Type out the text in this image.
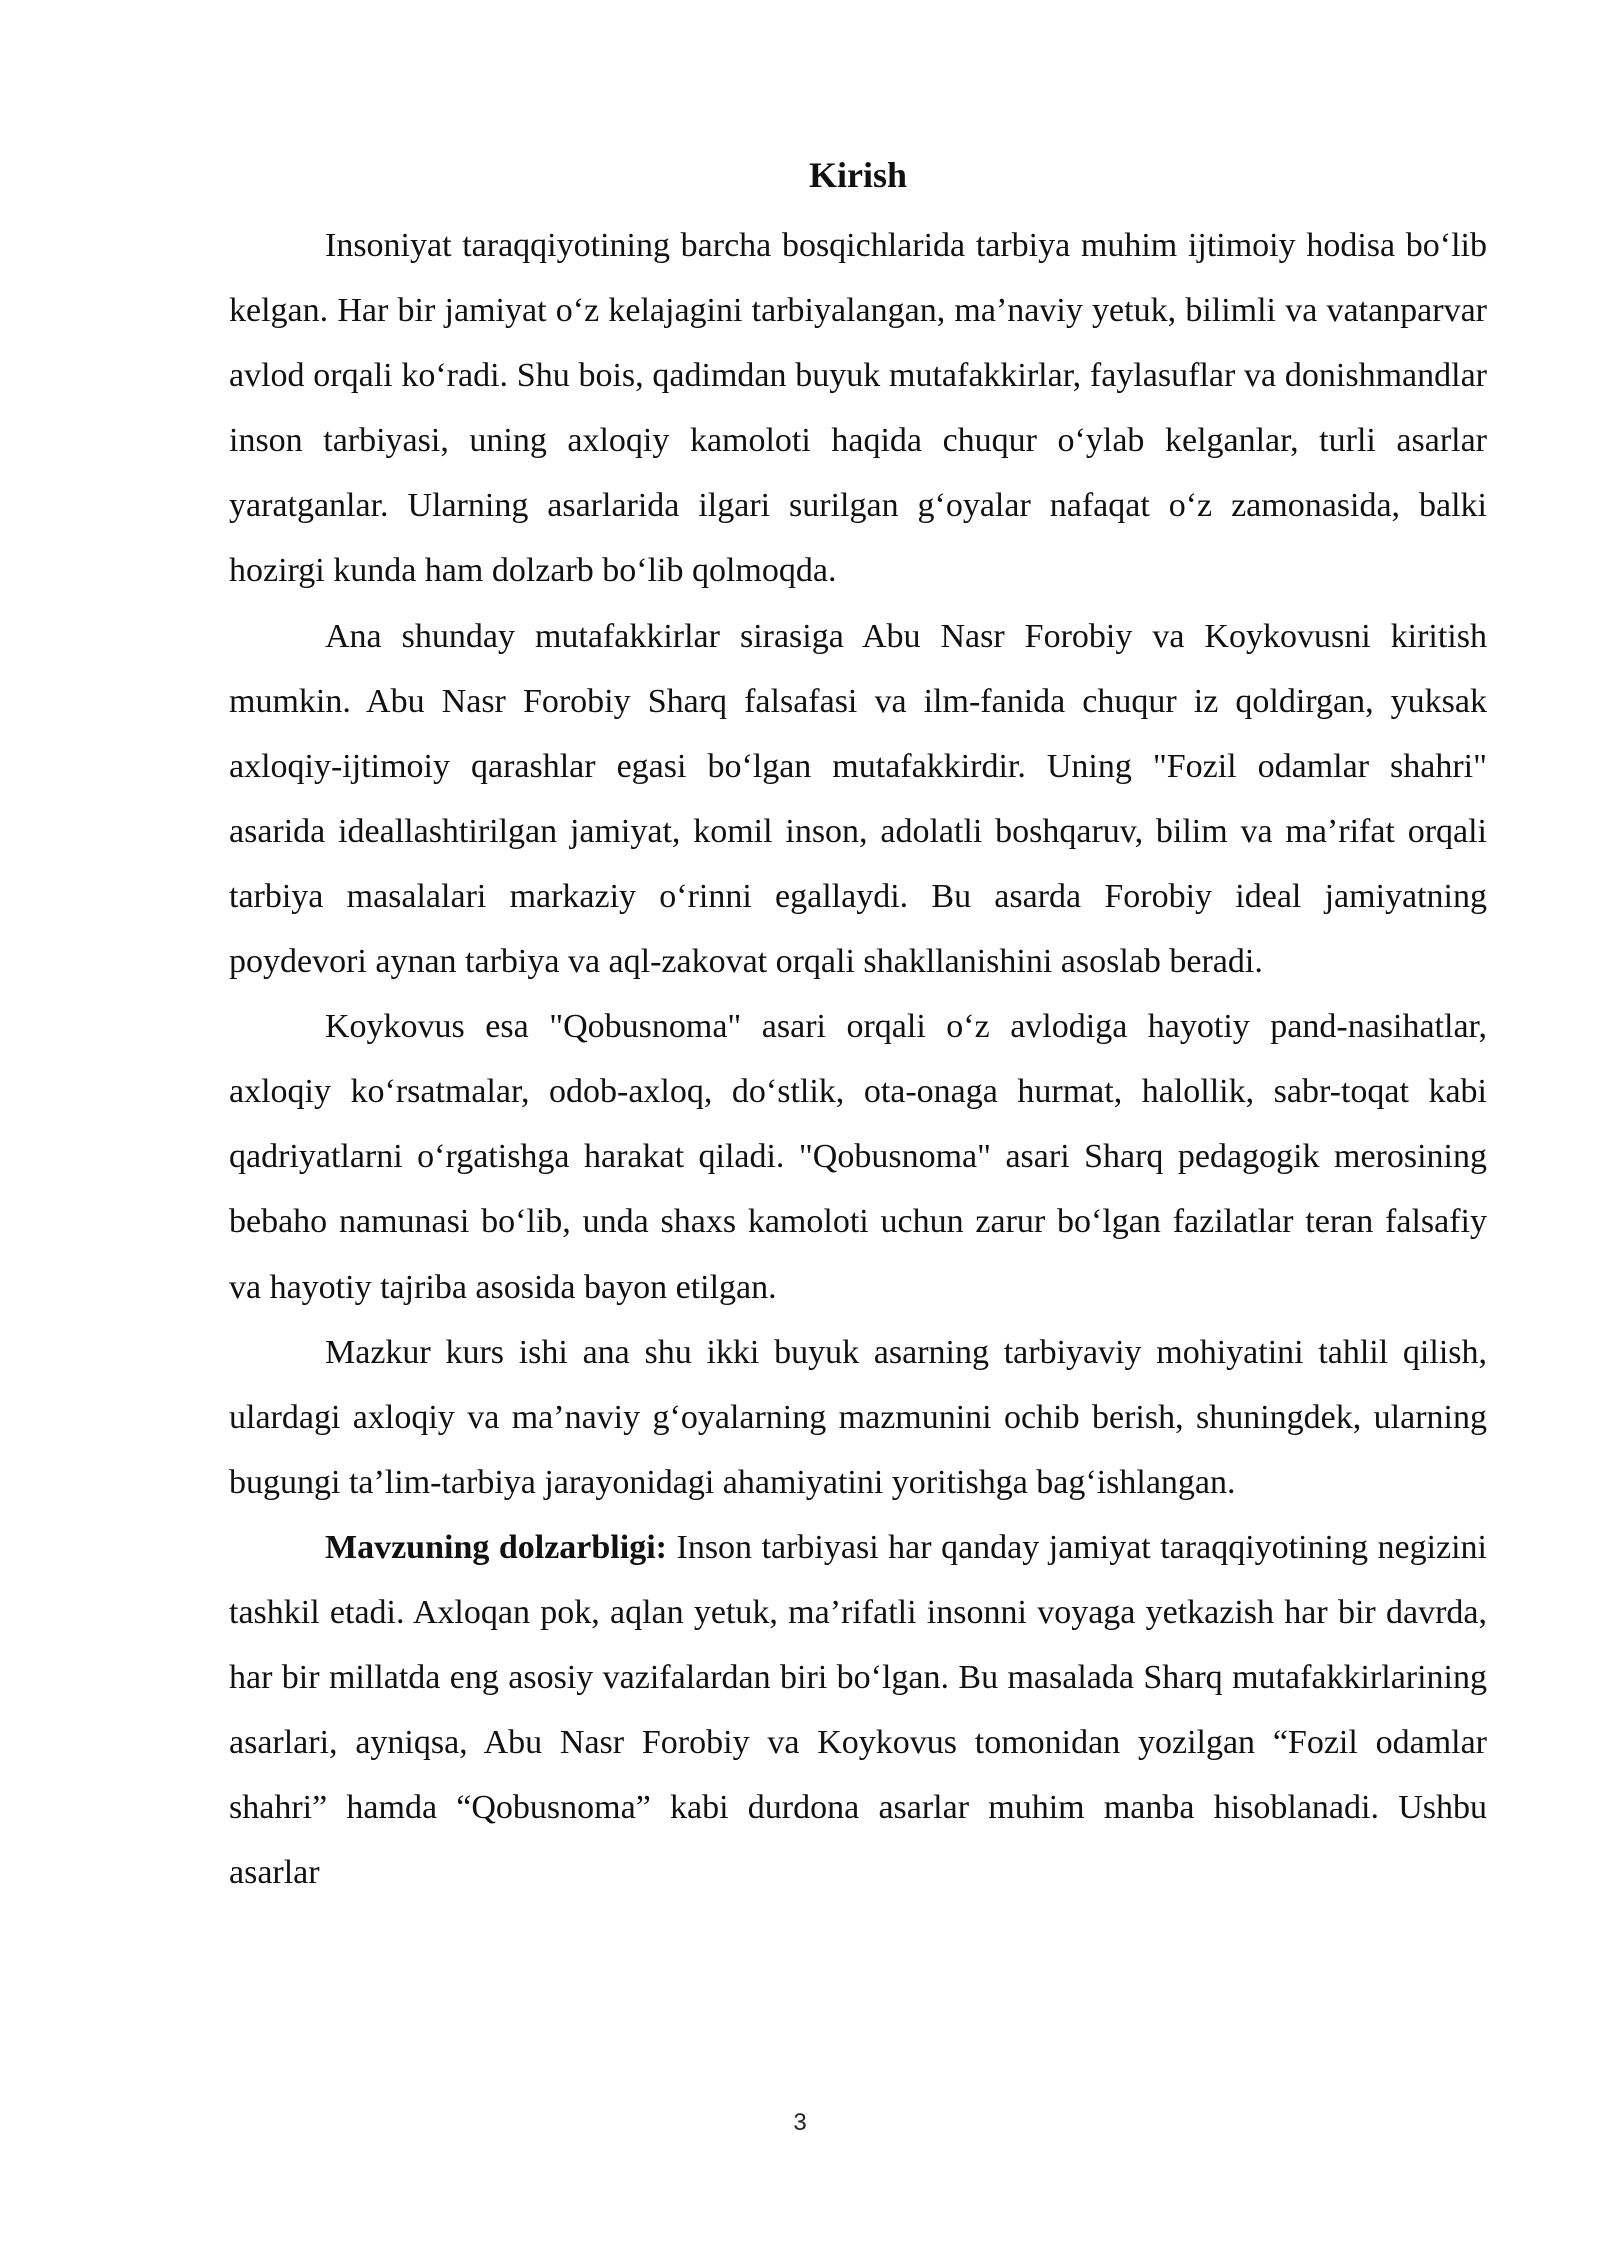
Kirish

Insoniyat taraqqiyotining barcha bosqichlarida tarbiya muhim ijtimoiy hodisa bo‘lib kelgan. Har bir jamiyat o‘z kelajagini tarbiyalangan, ma’naviy yetuk, bilimli va vatanparvar avlod orqali ko‘radi. Shu bois, qadimdan buyuk mutafakkirlar, faylasuflar va donishmandlar inson tarbiyasi, uning axloqiy kamoloti haqida chuqur o‘ylab kelganlar, turli asarlar yaratganlar. Ularning asarlarida ilgari surilgan g‘oyalar nafaqat o‘z zamonasida, balki hozirgi kunda ham dolzarb bo‘lib qolmoqda.

Ana shunday mutafakkirlar sirasiga Abu Nasr Forobiy va Koykovusni kiritish mumkin. Abu Nasr Forobiy Sharq falsafasi va ilm-fanida chuqur iz qoldirgan, yuksak axloqiy-ijtimoiy qarashlar egasi bo‘lgan mutafakkirdir. Uning "Fozil odamlar shahri" asarida ideallashtirilgan jamiyat, komil inson, adolatli boshqaruv, bilim va ma’rifat orqali tarbiya masalalari markaziy o‘rinni egallaydi. Bu asarda Forobiy ideal jamiyatning poydevori aynan tarbiya va aql-zakovat orqali shakllanishini asoslab beradi.

Koykovus esa "Qobusnoma" asari orqali o‘z avlodiga hayotiy pand-nasihatlar, axloqiy ko‘rsatmalar, odob-axloq, do‘stlik, ota-onaga hurmat, halollik, sabr-toqat kabi qadriyatlarni o‘rgatishga harakat qiladi. "Qobusnoma" asari Sharq pedagogik merosining bebaho namunasi bo‘lib, unda shaxs kamoloti uchun zarur bo‘lgan fazilatlar teran falsafiy va hayotiy tajriba asosida bayon etilgan.

Mazkur kurs ishi ana shu ikki buyuk asarning tarbiyaviy mohiyatini tahlil qilish, ulardagi axloqiy va ma’naviy g‘oyalarning mazmunini ochib berish, shuningdek, ularning bugungi ta’lim-tarbiya jarayonidagi ahamiyatini yoritishga bag‘ishlangan.

Mavzuning dolzarbligi: Inson tarbiyasi har qanday jamiyat taraqqiyotining negizini tashkil etadi. Axloqan pok, aqlan yetuk, ma’rifatli insonni voyaga yetkazish har bir davrda, har bir millatda eng asosiy vazifalardan biri bo‘lgan. Bu masalada Sharq mutafakkirlarining asarlari, ayniqsa, Abu Nasr Forobiy va Koykovus tomonidan yozilgan “Fozil odamlar shahri” hamda “Qobusnoma” kabi durdona asarlar muhim manba hisoblanadi. Ushbu asarlar

3
